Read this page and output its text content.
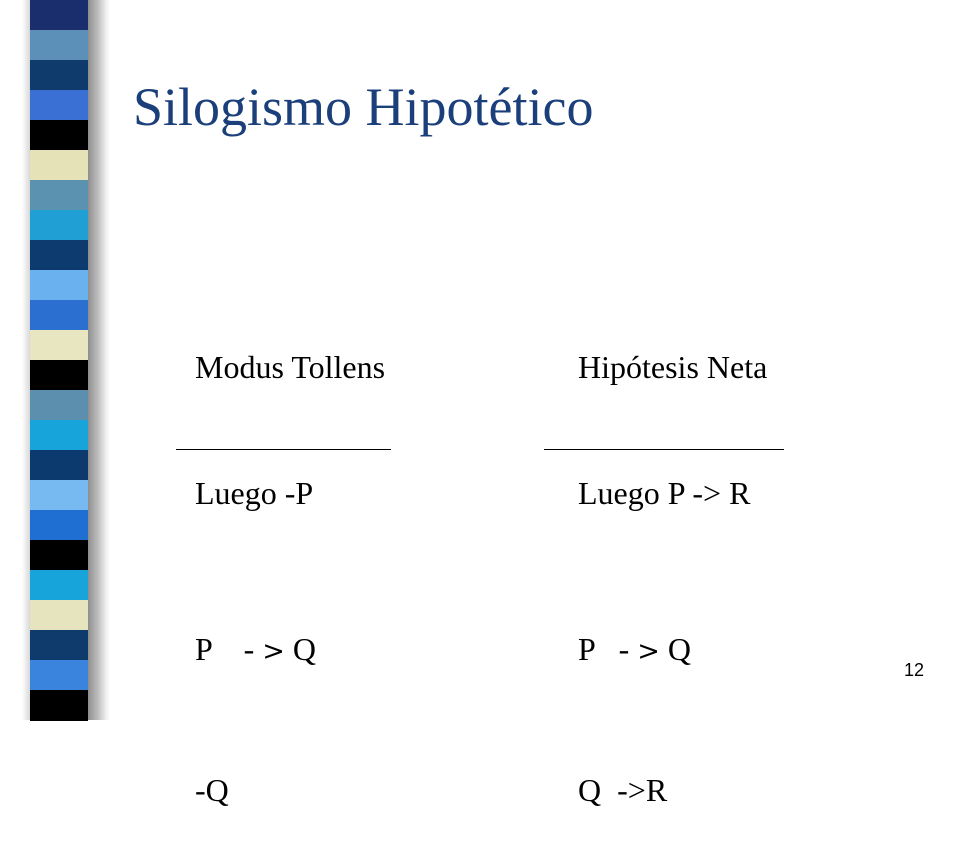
Silogismo Hipotético

Modus Tollens

P - > Q

-Q

Hipótesis Neta

P - > Q

Q  ->R

Luego -P	Luego P -> R
12
